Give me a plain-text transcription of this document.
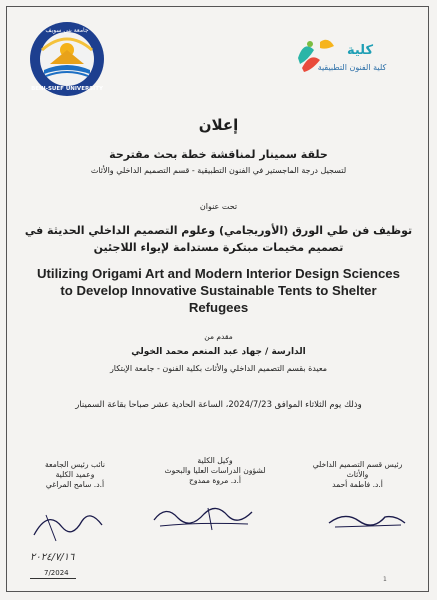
BENI-SUEF UNIVERSITY
جامعة بني سويف
كلية
كلية الفنون التطبيقية
إعلان
حلقة سمينار لمناقشة خطة بحث مقترحة
لتسجيل درجة الماجستير في الفنون التطبيقية - قسم التصميم الداخلي والأثاث
تحت عنوان
توظيف فن طي الورق (الأوريجامي) وعلوم التصميم الداخلي الحديثة في
تصميم مخيمات مبتكرة مستدامة لإيواء اللاجئين
Utilizing Origami Art and Modern Interior Design Sciences
to Develop Innovative Sustainable Tents to Shelter
Refugees
مقدم من
الدارسة / جهاد عبد المنعم محمد الخولي
معيدة بقسم التصميم الداخلي والأثاث بكلية الفنون - جامعة الإبتكار
وذلك يوم الثلاثاء الموافق 2024/7/23، الساعة الحادية عشر صباحا بقاعة السمينار
رئيس قسم التصميم الداخلي
والأثاث
أ.د. فاطمة أحمد
وكيل الكلية
لشؤون الدراسات العليا والبحوث
أ.د. مروة ممدوح
نائب رئيس الجامعة
وعميد الكلية
أ.د. سامح المراغي
٢٠٢٤/٧/١٦
7/2024
1
